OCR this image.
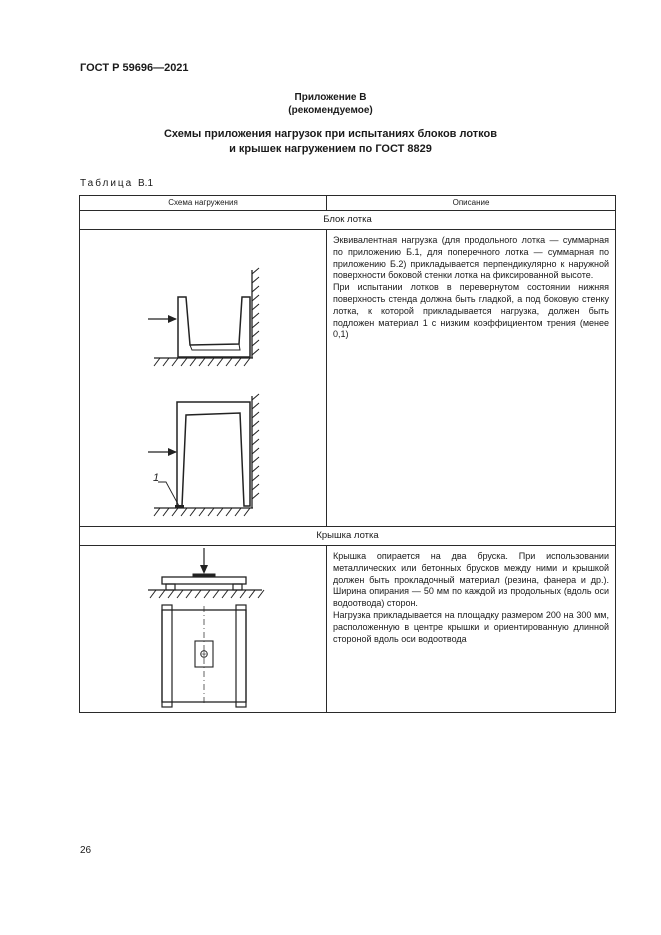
ГОСТ Р 59696—2021
Приложение В
(рекомендуемое)
Схемы приложения нагрузок при испытаниях блоков лотков
и крышек нагружением по ГОСТ 8829
Таблица В.1
Схема нагружения	Описание
Блок лотка	

1	Эквивалентная нагрузка (для продольного лотка — суммарная по приложению Б.1, для поперечного лотка — суммарная по приложению Б.2) прикладывается перпендикулярно к наружной поверхности боковой стенки лотка на фиксированной высоте.

При испытании лотков в перевернутом состоянии нижняя поверхность стенда должна быть гладкой, а под боковую стенку лотка, к которой прикладывается нагрузка, должен быть подложен материал 1 с низким коэффициентом трения (менее 0,1)

Крышка лотка	

Крышка опирается на два бруска. При использовании металлических или бетонных брусков между ними и крышкой должен быть прокладочный материал (резина, фанера и др.). Ширина опирания — 50 мм по каждой из продольных (вдоль оси водоотвода) сторон.

Нагрузка прикладывается на площадку размером 200 на 300 мм, расположенную в центре крышки и ориентированную длинной стороной вдоль оси водоотвода

26
